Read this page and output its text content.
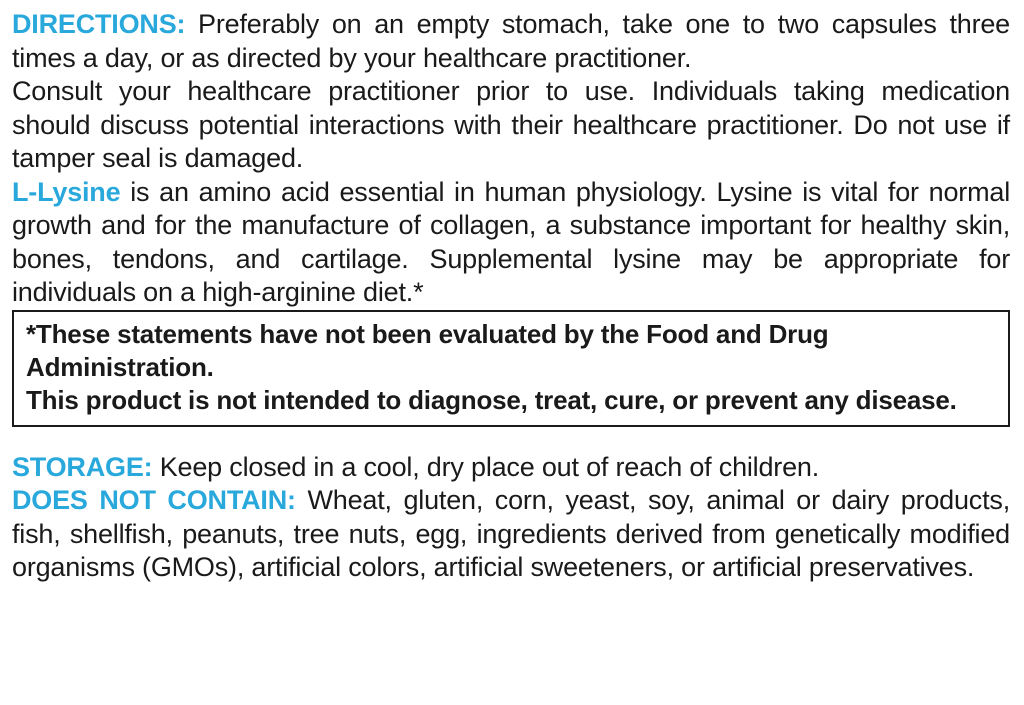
DIRECTIONS: Preferably on an empty stomach, take one to two capsules three times a day, or as directed by your healthcare practitioner.

Consult your healthcare practitioner prior to use. Individuals taking medication should discuss potential interactions with their healthcare practitioner. Do not use if tamper seal is damaged.

L-Lysine is an amino acid essential in human physiology. Lysine is vital for normal growth and for the manufacture of collagen, a substance important for healthy skin, bones, tendons, and cartilage. Supplemental lysine may be appropriate for individuals on a high-arginine diet.*

*These statements have not been evaluated by the Food and Drug Administration.
This product is not intended to diagnose, treat, cure, or prevent any disease.

STORAGE: Keep closed in a cool, dry place out of reach of children.

DOES NOT CONTAIN: Wheat, gluten, corn, yeast, soy, animal or dairy products, fish, shellfish, peanuts, tree nuts, egg, ingredients derived from genetically modified organisms (GMOs), artificial colors, artificial sweeteners, or artificial preservatives.
